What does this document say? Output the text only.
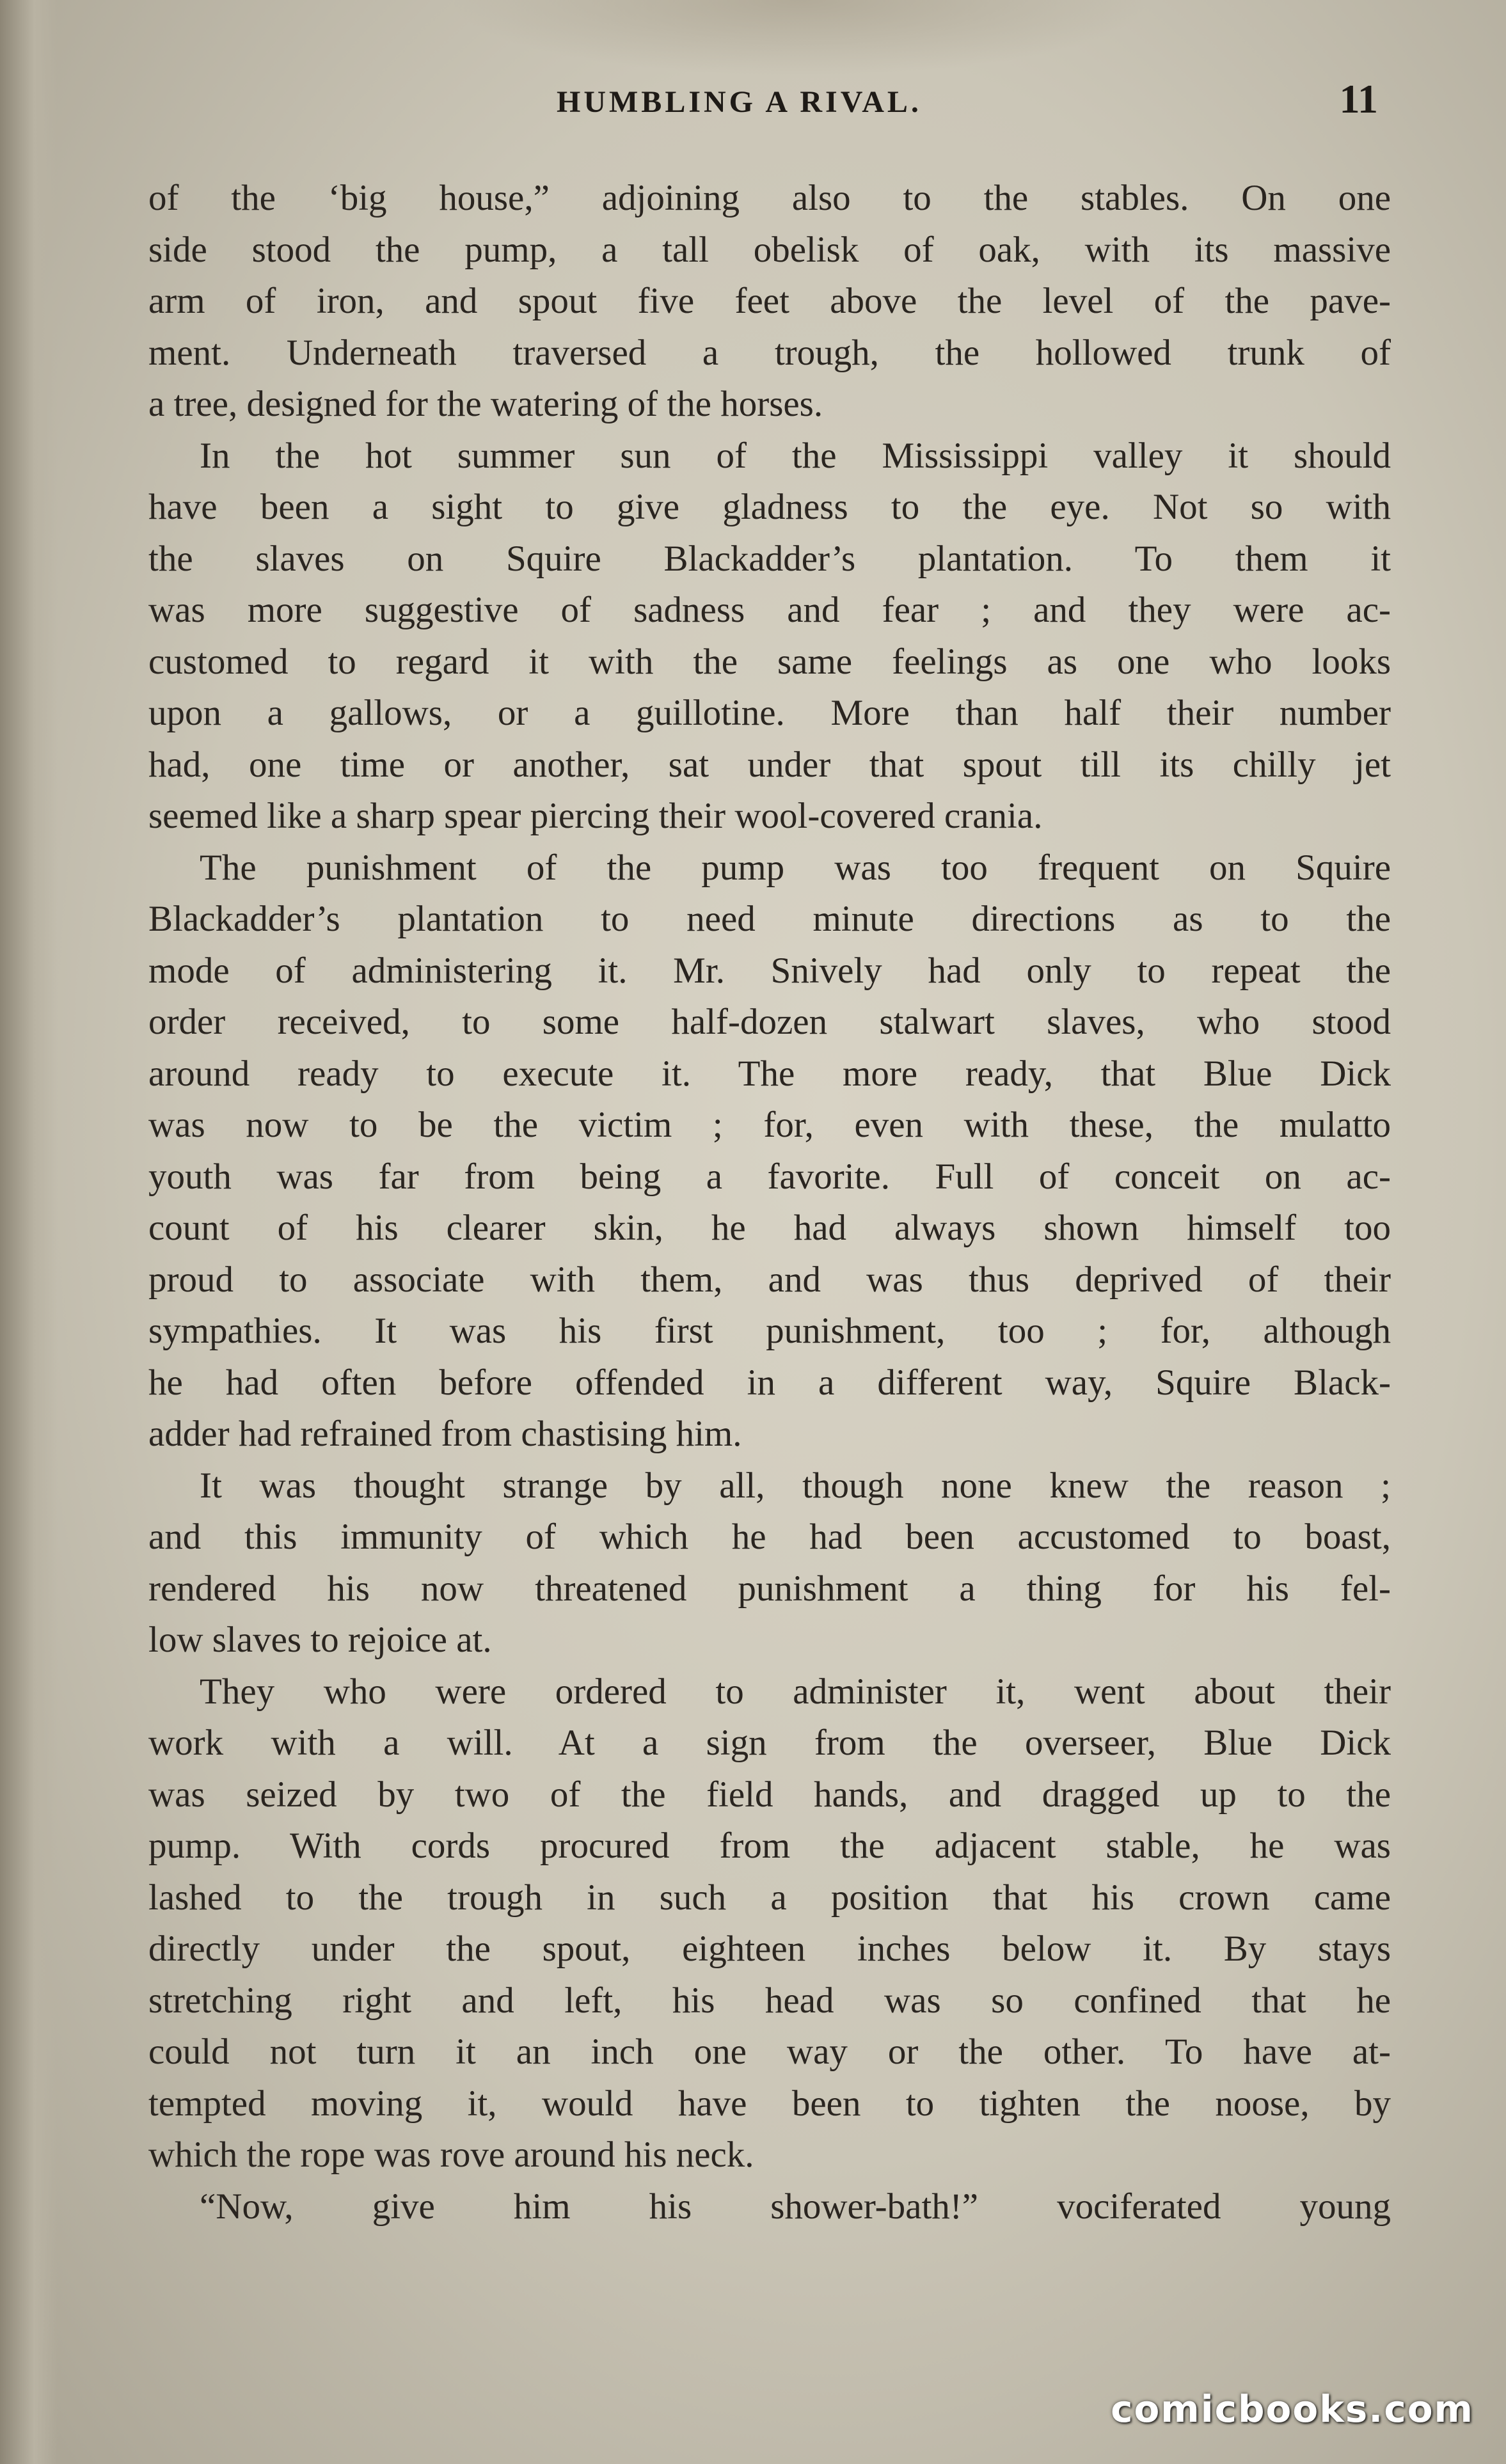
HUMBLING A RIVAL.	11
of the ‘big house,” adjoining also to the stables. On one
side stood the pump, a tall obelisk of oak, with its massive
arm of iron, and spout five feet above the level of the pave-
ment. Underneath traversed a trough, the hollowed trunk of
a tree, designed for the watering of the horses.
In the hot summer sun of the Mississippi valley it should
have been a sight to give gladness to the eye. Not so with
the slaves on Squire Blackadder’s plantation. To them it
was more suggestive of sadness and fear ; and they were ac-
customed to regard it with the same feelings as one who looks
upon a gallows, or a guillotine. More than half their number
had, one time or another, sat under that spout till its chilly jet
seemed like a sharp spear piercing their wool-covered crania.
The punishment of the pump was too frequent on Squire
Blackadder’s plantation to need minute directions as to the
mode of administering it. Mr. Snively had only to repeat the
order received, to some half-dozen stalwart slaves, who stood
around ready to execute it. The more ready, that Blue Dick
was now to be the victim ; for, even with these, the mulatto
youth was far from being a favorite. Full of conceit on ac-
count of his clearer skin, he had always shown himself too
proud to associate with them, and was thus deprived of their
sympathies. It was his first punishment, too ; for, although
he had often before offended in a different way, Squire Black-
adder had refrained from chastising him.
It was thought strange by all, though none knew the reason ;
and this immunity of which he had been accustomed to boast,
rendered his now threatened punishment a thing for his fel-
low slaves to rejoice at.
They who were ordered to administer it, went about their
work with a will. At a sign from the overseer, Blue Dick
was seized by two of the field hands, and dragged up to the
pump. With cords procured from the adjacent stable, he was
lashed to the trough in such a position that his crown came
directly under the spout, eighteen inches below it. By stays
stretching right and left, his head was so confined that he
could not turn it an inch one way or the other. To have at-
tempted moving it, would have been to tighten the noose, by
which the rope was rove around his neck.
“Now, give him his shower-bath!” vociferated young
comicbooks.com
